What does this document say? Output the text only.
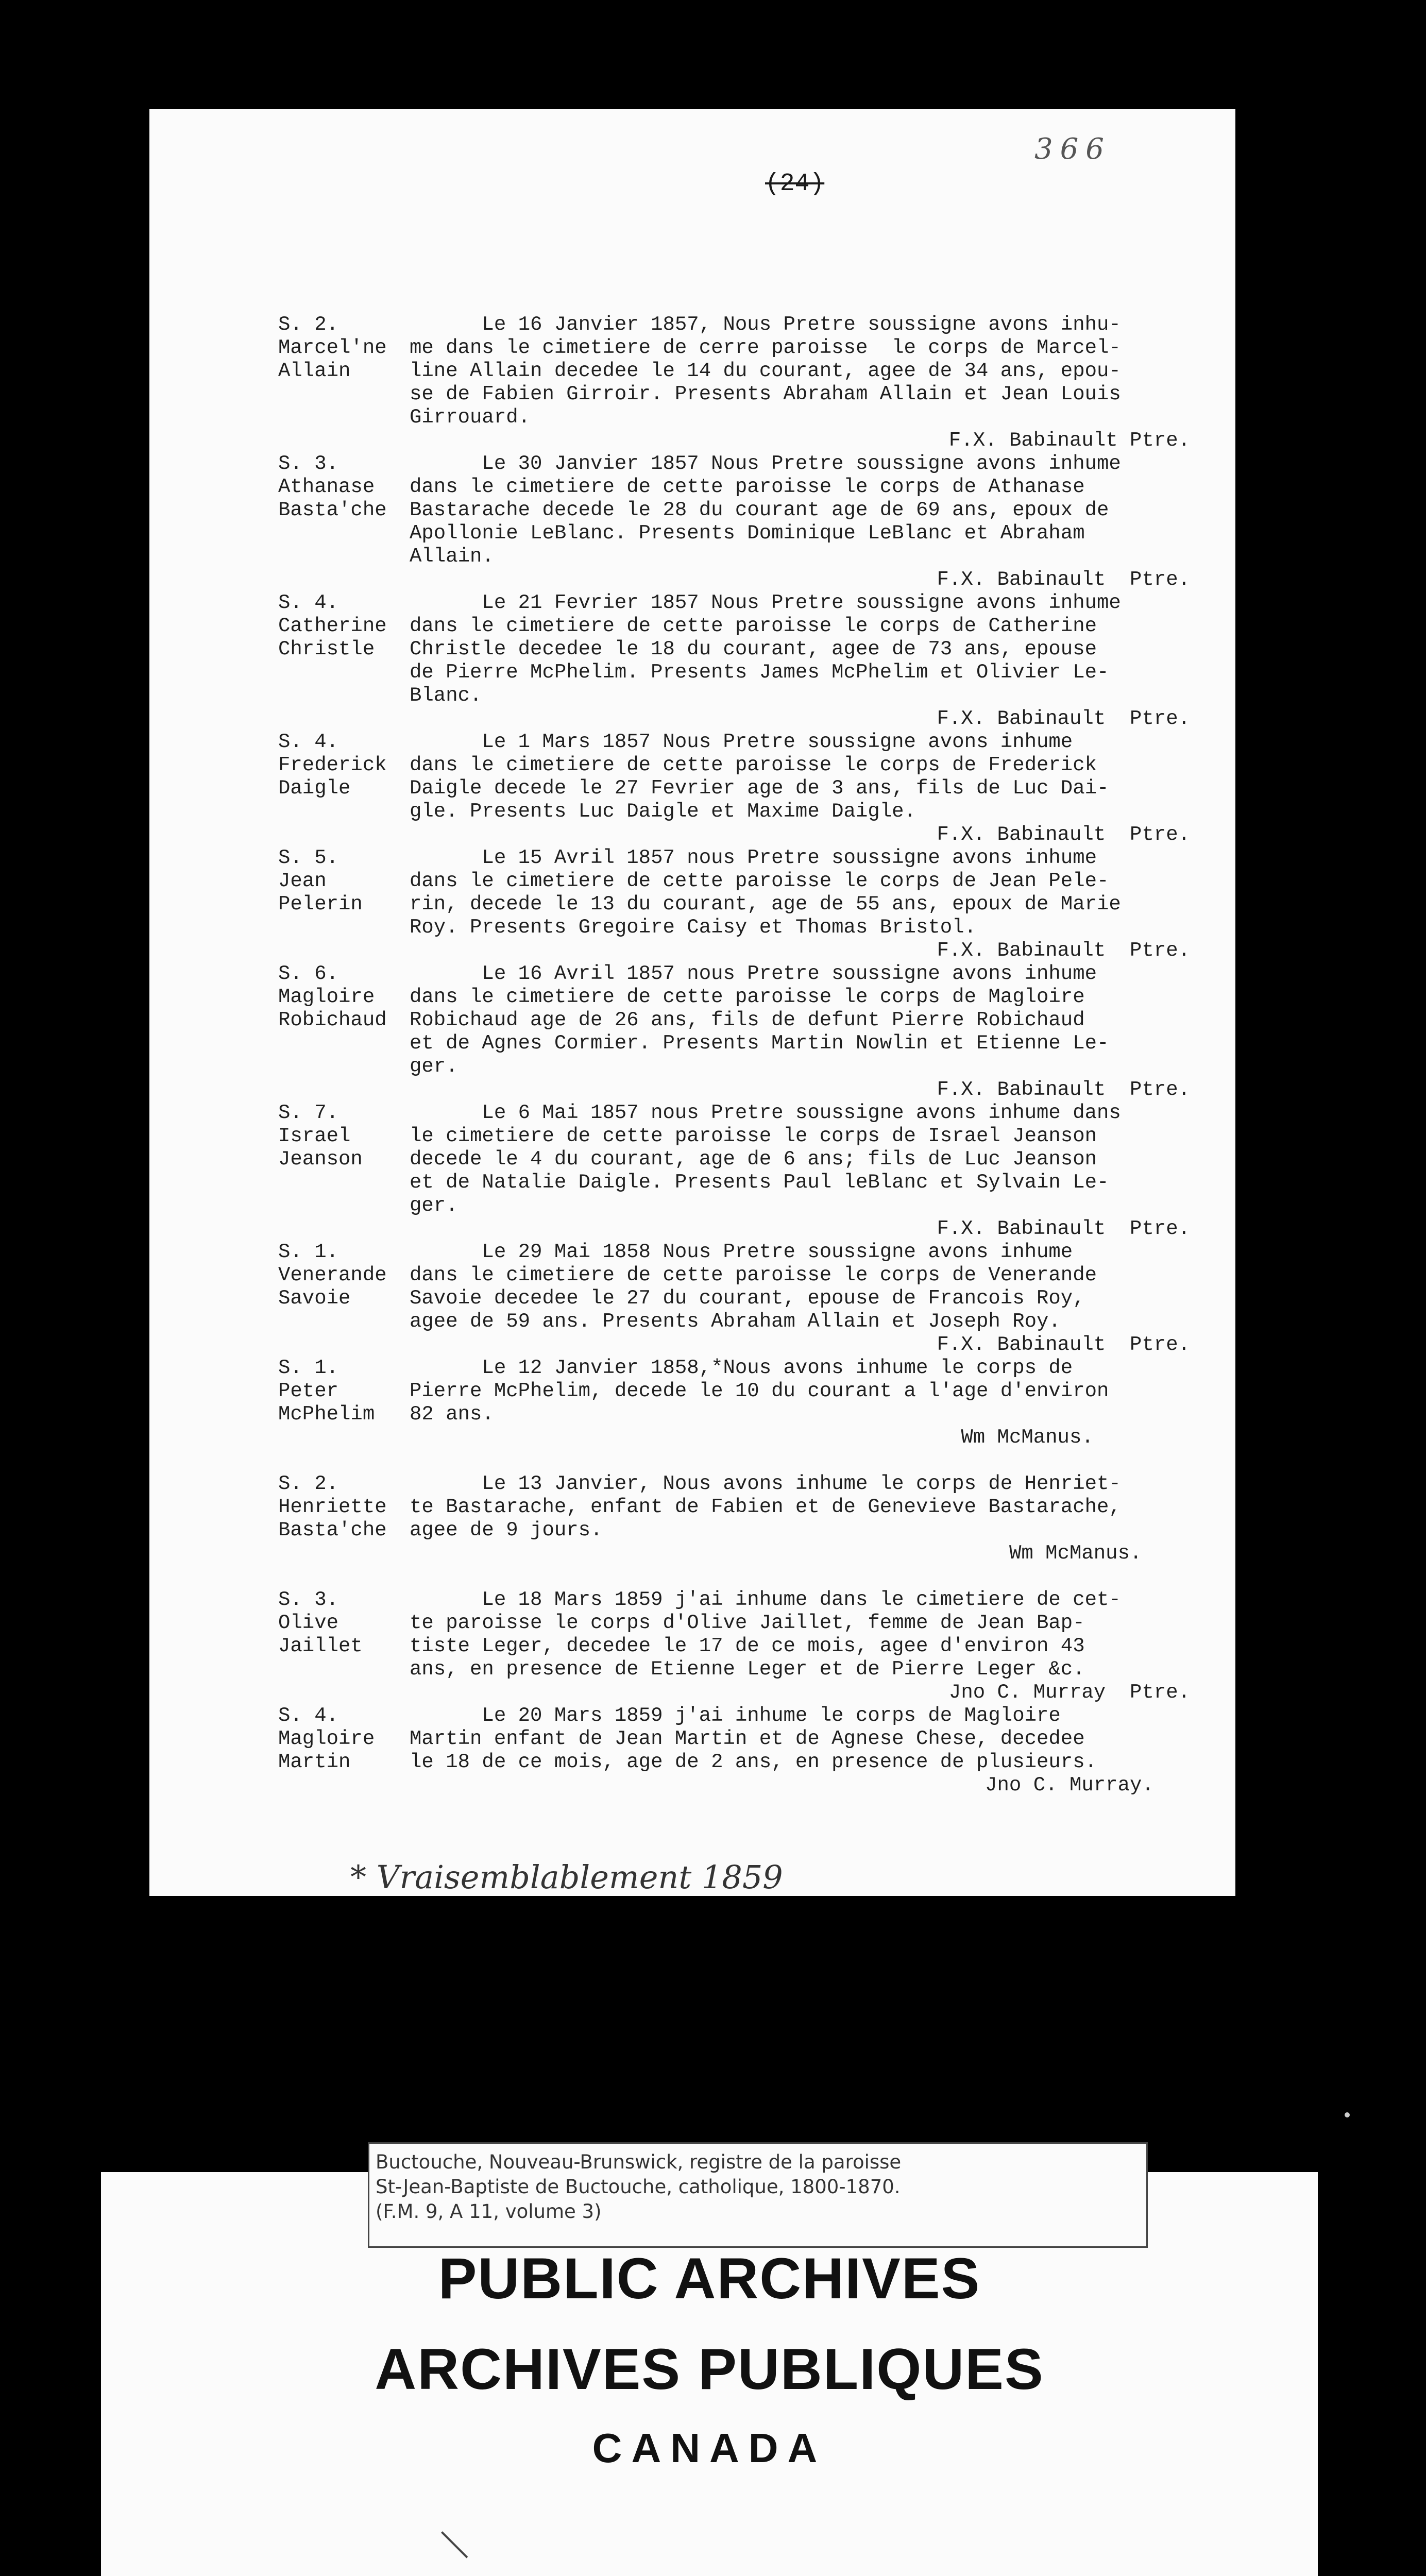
366
(24)
S. 2.
Marcel'ne
Allain
Le 16 Janvier 1857, Nous Pretre soussigne avons inhu-
me dans le cimetiere de cerre paroisse  le corps de Marcel-
line Allain decedee le 14 du courant, agee de 34 ans, epou-
se de Fabien Girroir. Presents Abraham Allain et Jean Louis
Girrouard.
F.X. Babinault Ptre.
S. 3.
Athanase
Basta'che
Le 30 Janvier 1857 Nous Pretre soussigne avons inhume
dans le cimetiere de cette paroisse le corps de Athanase
Bastarache decede le 28 du courant age de 69 ans, epoux de
Apollonie LeBlanc. Presents Dominique LeBlanc et Abraham
Allain.
F.X. Babinault  Ptre.
S. 4.
Catherine
Christle
Le 21 Fevrier 1857 Nous Pretre soussigne avons inhume
dans le cimetiere de cette paroisse le corps de Catherine
Christle decedee le 18 du courant, agee de 73 ans, epouse
de Pierre McPhelim. Presents James McPhelim et Olivier Le-
Blanc.
F.X. Babinault  Ptre.
S. 4.
Frederick
Daigle
Le 1 Mars 1857 Nous Pretre soussigne avons inhume
dans le cimetiere de cette paroisse le corps de Frederick
Daigle decede le 27 Fevrier age de 3 ans, fils de Luc Dai-
gle. Presents Luc Daigle et Maxime Daigle.
F.X. Babinault  Ptre.
S. 5.
Jean
Pelerin
Le 15 Avril 1857 nous Pretre soussigne avons inhume
dans le cimetiere de cette paroisse le corps de Jean Pele-
rin, decede le 13 du courant, age de 55 ans, epoux de Marie
Roy. Presents Gregoire Caisy et Thomas Bristol.
F.X. Babinault  Ptre.
S. 6.
Magloire
Robichaud
Le 16 Avril 1857 nous Pretre soussigne avons inhume
dans le cimetiere de cette paroisse le corps de Magloire
Robichaud age de 26 ans, fils de defunt Pierre Robichaud
et de Agnes Cormier. Presents Martin Nowlin et Etienne Le-
ger.
F.X. Babinault  Ptre.
S. 7.
Israel
Jeanson
Le 6 Mai 1857 nous Pretre soussigne avons inhume dans
le cimetiere de cette paroisse le corps de Israel Jeanson
decede le 4 du courant, age de 6 ans; fils de Luc Jeanson
et de Natalie Daigle. Presents Paul leBlanc et Sylvain Le-
ger.
F.X. Babinault  Ptre.
S. 1.
Venerande
Savoie
Le 29 Mai 1858 Nous Pretre soussigne avons inhume
dans le cimetiere de cette paroisse le corps de Venerande
Savoie decedee le 27 du courant, epouse de Francois Roy,
agee de 59 ans. Presents Abraham Allain et Joseph Roy.
F.X. Babinault  Ptre.
S. 1.
Peter
McPhelim
Le 12 Janvier 1858,*Nous avons inhume le corps de
Pierre McPhelim, decede le 10 du courant a l'age d'environ
82 ans.
Wm McManus.
S. 2.
Henriette
Basta'che
Le 13 Janvier, Nous avons inhume le corps de Henriet-
te Bastarache, enfant de Fabien et de Genevieve Bastarache,
agee de 9 jours.
Wm McManus.
S. 3.
Olive
Jaillet
Le 18 Mars 1859 j'ai inhume dans le cimetiere de cet-
te paroisse le corps d'Olive Jaillet, femme de Jean Bap-
tiste Leger, decedee le 17 de ce mois, agee d'environ 43
ans, en presence de Etienne Leger et de Pierre Leger &c.
Jno C. Murray  Ptre.
S. 4.
Magloire
Martin
Le 20 Mars 1859 j'ai inhume le corps de Magloire
Martin enfant de Jean Martin et de Agnese Chese, decedee
le 18 de ce mois, age de 2 ans, en presence de plusieurs.
Jno C. Murray.
* Vraisemblablement 1859
Buctouche, Nouveau-Brunswick, registre de la paroisse
St-Jean-Baptiste de Buctouche, catholique, 1800-1870.
(F.M. 9, A 11, volume 3)
PUBLIC ARCHIVES
ARCHIVES PUBLIQUES
CANADA
